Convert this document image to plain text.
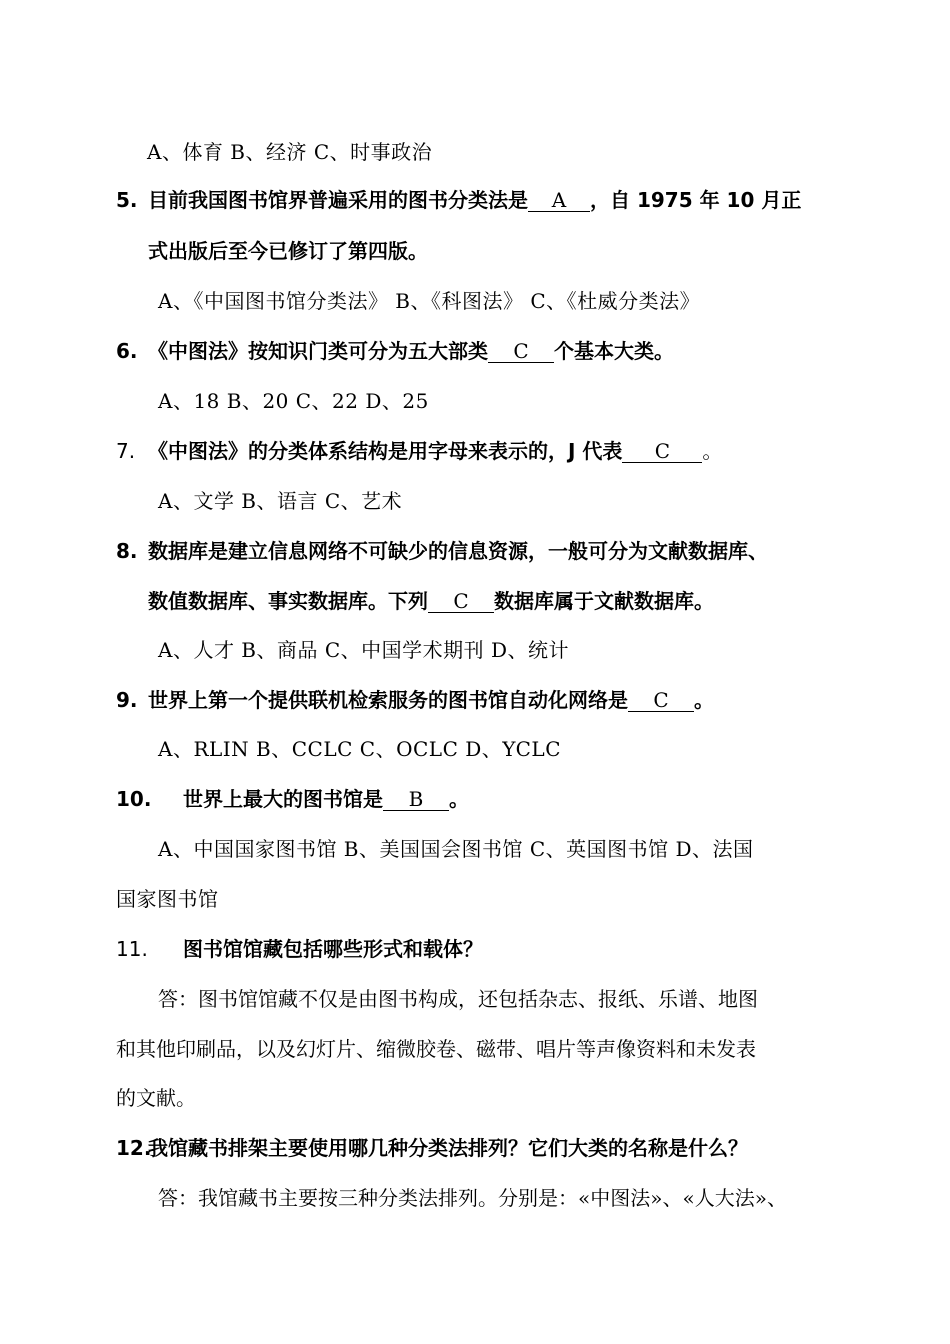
A、体育 B、经济 C、时事政治
5. 目前我国图书馆界普遍采用的图书分类法是 A ，自 1975 年 10 月正
式出版后至今已修订了第四版。
A、《中国图书馆分类法》 B、《科图法》 C、《杜威分类法》
6. 《中图法》按知识门类可分为五大部类 C 个基本大类。
A、18 B、20 C、22 D、25
7. 《中图法》的分类体系结构是用字母来表示的，J 代表 C 。
A、文学 B、语言 C、艺术
8. 数据库是建立信息网络不可缺少的信息资源，一般可分为文献数据库、
数值数据库、事实数据库。下列 C 数据库属于文献数据库。
A、人才 B、商品 C、中国学术期刊 D、统计
9. 世界上第一个提供联机检索服务的图书馆自动化网络是 C 。
A、RLIN B、CCLC C、OCLC D、YCLC
10. 世界上最大的图书馆是 B 。
A、中国国家图书馆 B、美国国会图书馆 C、英国图书馆 D、法国
国家图书馆
11. 图书馆馆藏包括哪些形式和载体？
答：图书馆馆藏不仅是由图书构成，还包括杂志、报纸、乐谱、地图
和其他印刷品，以及幻灯片、缩微胶卷、磁带、唱片等声像资料和未发表
的文献。
12.我馆藏书排架主要使用哪几种分类法排列？它们大类的名称是什么？
答：我馆藏书主要按三种分类法排列。分别是：«中图法»、«人大法»、
